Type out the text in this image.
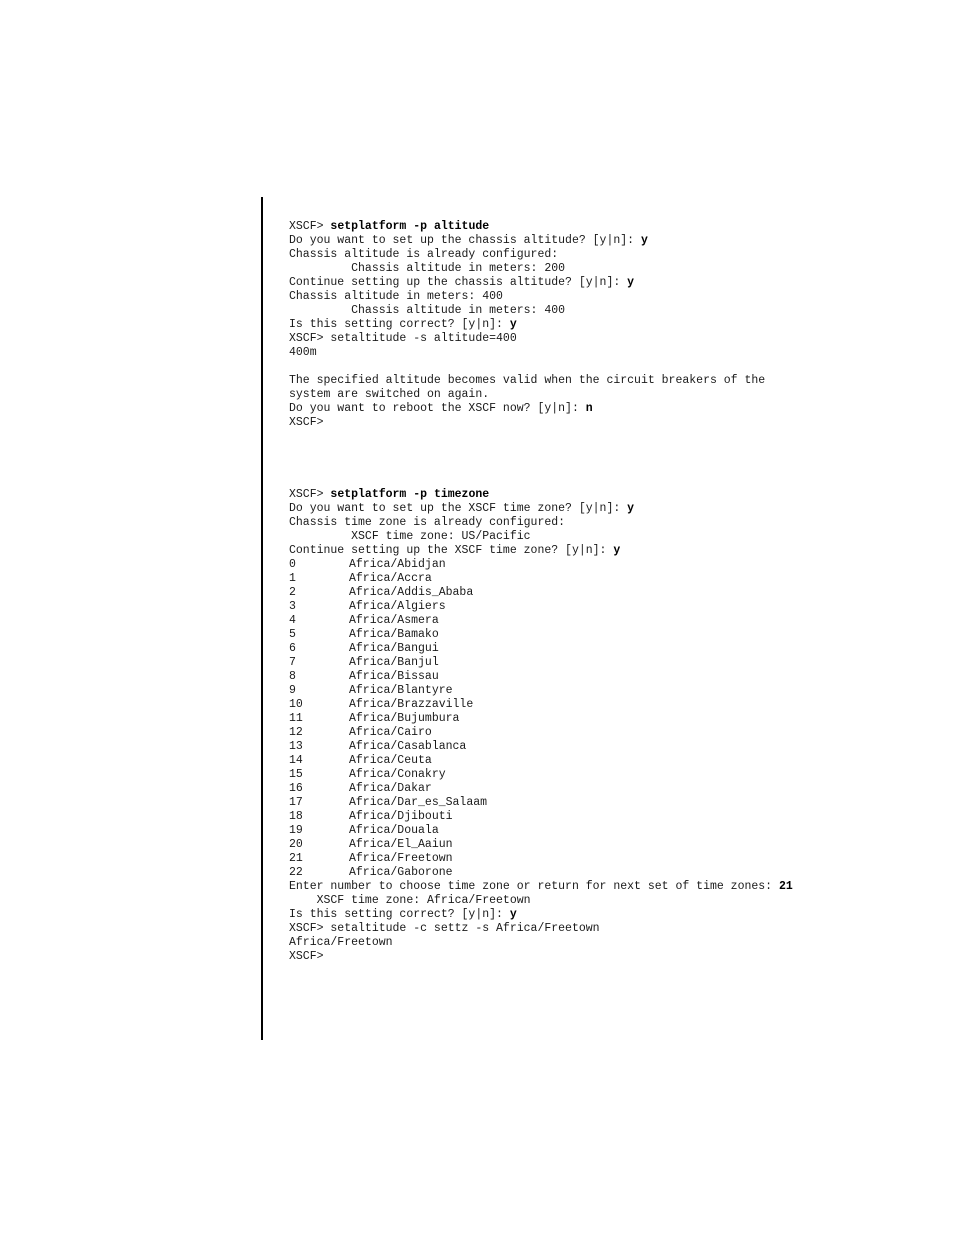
XSCF> setplatform -p altitude
Do you want to set up the chassis altitude? [y|n]: y
Chassis altitude is already configured:
Chassis altitude in meters: 200
Continue setting up the chassis altitude? [y|n]: y
Chassis altitude in meters: 400
Chassis altitude in meters: 400
Is this setting correct? [y|n]: y
XSCF> setaltitude -s altitude=400
400m
The specified altitude becomes valid when the circuit breakers of the
system are switched on again.
Do you want to reboot the XSCF now? [y|n]: n
XSCF>
XSCF> setplatform -p timezone
Do you want to set up the XSCF time zone? [y|n]: y
Chassis time zone is already configured:
XSCF time zone: US/Pacific
Continue setting up the XSCF time zone? [y|n]: y
0	Africa/Abidjan
1	Africa/Accra
2	Africa/Addis_Ababa
3	Africa/Algiers
4	Africa/Asmera
5	Africa/Bamako
6	Africa/Bangui
7	Africa/Banjul
8	Africa/Bissau
9	Africa/Blantyre
10	Africa/Brazzaville
11	Africa/Bujumbura
12	Africa/Cairo
13	Africa/Casablanca
14	Africa/Ceuta
15	Africa/Conakry
16	Africa/Dakar
17	Africa/Dar_es_Salaam
18	Africa/Djibouti
19	Africa/Douala
20	Africa/El_Aaiun
21	Africa/Freetown
22	Africa/Gaborone
Enter number to choose time zone or return for next set of time zones: 21
XSCF time zone: Africa/Freetown
Is this setting correct? [y|n]: y
XSCF> setaltitude -c settz -s Africa/Freetown
Africa/Freetown
XSCF>
